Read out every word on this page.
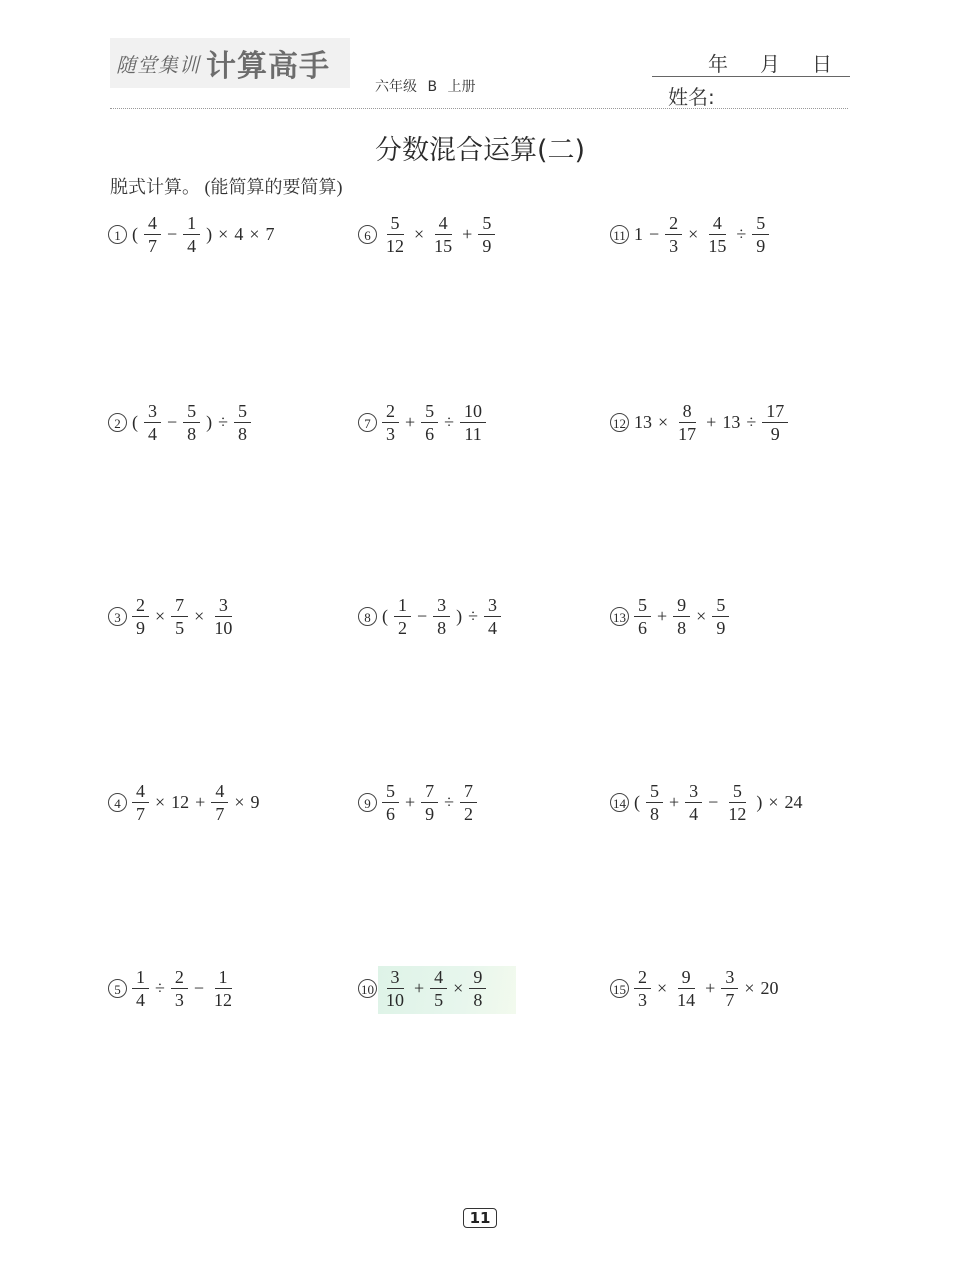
随堂集训 计算高手
六年级 B 上册
年 月 日
姓名:
分数混合运算(二)
脱式计算。 (能简算的要简算)
1 ( $\frac{4}{7} - \frac{1}{4}$ ) × 4 × 7
2 ( $\frac{3}{4} - \frac{5}{8}$ ) ÷ $\frac{5}{8}$
$3 \frac{2}{9} \times \frac{7}{5} \times \frac{3}{10}$
$4 \frac{4}{7} \times 12 + \frac{4}{7} \times 9$
$5 \frac{1}{4} \div \frac{2}{3} - \frac{1}{12}$
$6 \frac{5}{12} \times \frac{4}{15} + \frac{5}{9}$
$7 \frac{2}{3} + \frac{5}{6} \div \frac{10}{11}$
8 ( $\frac{1}{2} - \frac{3}{8}$ ) ÷ $\frac{3}{4}$
$9 \frac{5}{6} + \frac{7}{9} \div \frac{7}{2}$
$10 \frac{3}{10} + \frac{4}{5} \times \frac{9}{8}$
11 $1 - \frac{2}{3} \times \frac{4}{15} \div \frac{5}{9}$
12 $13 \times \frac{8}{17} + 13 \div \frac{17}{9}$
$13 \frac{5}{6} + \frac{9}{8} \times \frac{5}{9}$
14 ( $\frac{5}{8} + \frac{3}{4} - \frac{5}{12}$ ) × 24
$15 \frac{2}{3} \times \frac{9}{14} + \frac{3}{7} \times 20$
11
